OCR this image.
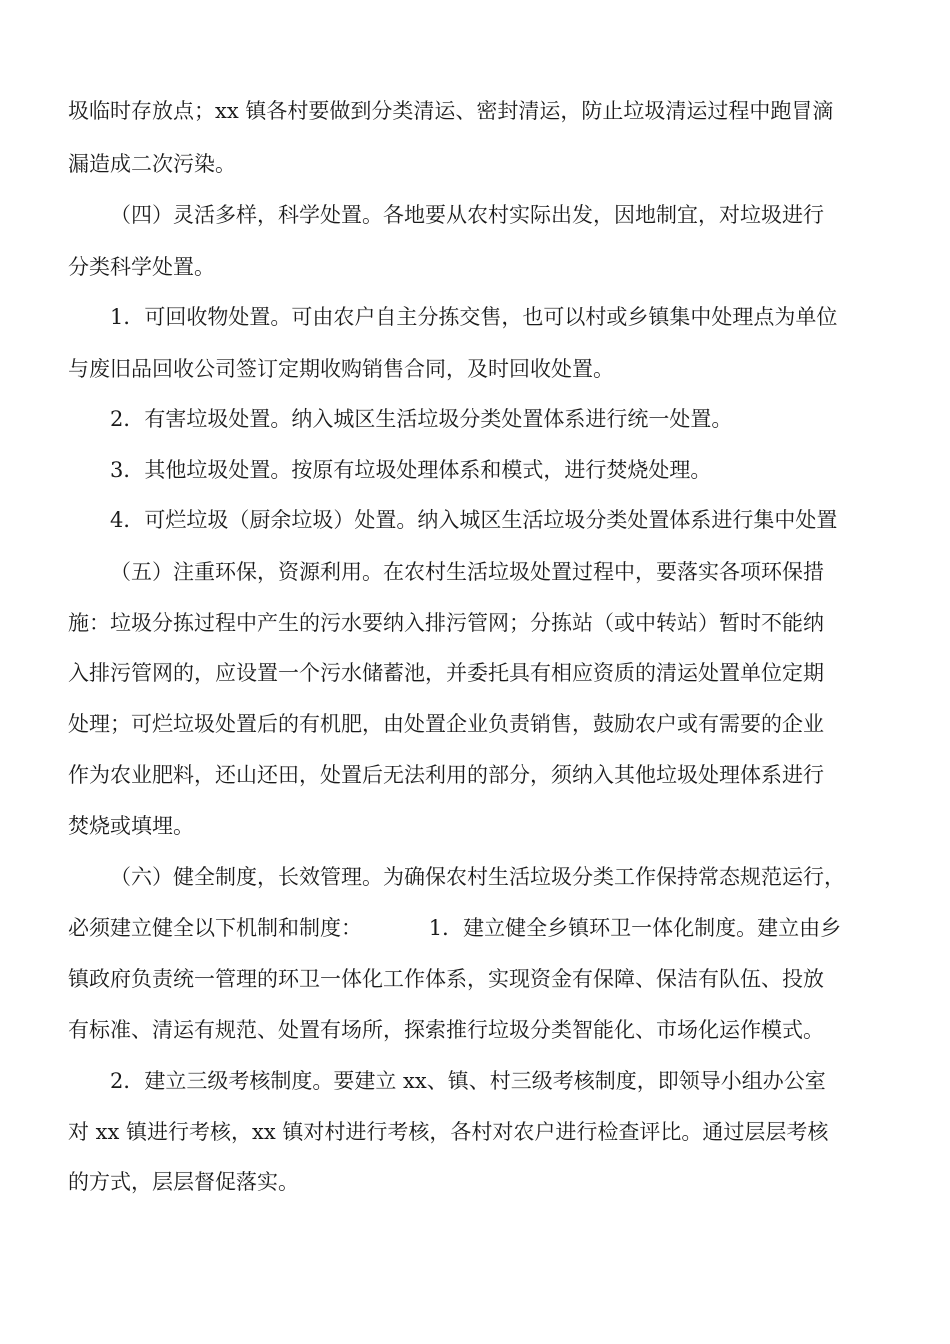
圾临时存放点；xx 镇各村要做到分类清运、密封清运，防止垃圾清运过程中跑冒滴
漏造成二次污染。
（四）灵活多样，科学处置。各地要从农村实际出发，因地制宜，对垃圾进行
分类科学处置。
1．可回收物处置。可由农户自主分拣交售，也可以村或乡镇集中处理点为单位
与废旧品回收公司签订定期收购销售合同，及时回收处置。
2．有害垃圾处置。纳入城区生活垃圾分类处置体系进行统一处置。
3．其他垃圾处置。按原有垃圾处理体系和模式，进行焚烧处理。
4．可烂垃圾（厨余垃圾）处置。纳入城区生活垃圾分类处置体系进行集中处置
（五）注重环保，资源利用。在农村生活垃圾处置过程中，要落实各项环保措
施：垃圾分拣过程中产生的污水要纳入排污管网；分拣站（或中转站）暂时不能纳
入排污管网的，应设置一个污水储蓄池，并委托具有相应资质的清运处置单位定期
处理；可烂垃圾处置后的有机肥，由处置企业负责销售，鼓励农户或有需要的企业
作为农业肥料，还山还田，处置后无法利用的部分，须纳入其他垃圾处理体系进行
焚烧或填埋。
（六）健全制度，长效管理。为确保农村生活垃圾分类工作保持常态规范运行，
必须建立健全以下机制和制度：          1．建立健全乡镇环卫一体化制度。建立由乡
镇政府负责统一管理的环卫一体化工作体系，实现资金有保障、保洁有队伍、投放
有标准、清运有规范、处置有场所，探索推行垃圾分类智能化、市场化运作模式。
2．建立三级考核制度。要建立 xx、镇、村三级考核制度，即领导小组办公室
对 xx 镇进行考核，xx 镇对村进行考核，各村对农户进行检查评比。通过层层考核
的方式，层层督促落实。
